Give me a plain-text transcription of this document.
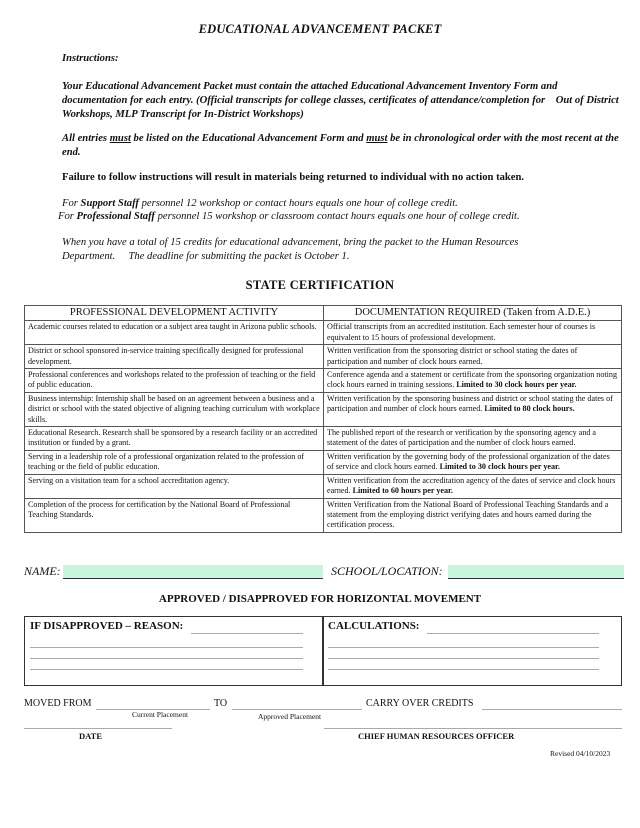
EDUCATIONAL ADVANCEMENT PACKET
Instructions:
Your Educational Advancement Packet must contain the attached Educational Advancement Inventory Form and documentation for each entry. (Official transcripts for college classes, certificates of attendance/completion for Out of District Workshops, MLP Transcript for In-District Workshops)
All entries must be listed on the Educational Advancement Form and must be in chronological order with the most recent at the end.
Failure to follow instructions will result in materials being returned to individual with no action taken.
For Support Staff personnel 12 workshop or contact hours equals one hour of college credit.
For Professional Staff personnel 15 workshop or classroom contact hours equals one hour of college credit.
When you have a total of 15 credits for educational advancement, bring the packet to the Human Resources Department. The deadline for submitting the packet is October 1.
STATE CERTIFICATION
PROFESSIONAL DEVELOPMENT ACTIVITY	DOCUMENTATION REQUIRED (Taken from A.D.E.)
Academic courses related to education or a subject area taught in Arizona public schools.	Official transcripts from an accredited institution. Each semester hour of courses is equivalent to 15 hours of professional development.
District or school sponsored in-service training specifically designed for professional development.	Written verification from the sponsoring district or school stating the dates of participation and number of clock hours earned.
Professional conferences and workshops related to the profession of teaching or the field of public education.	Conference agenda and a statement or certificate from the sponsoring organization noting clock hours earned in training sessions. Limited to 30 clock hours per year.
Business internship: Internship shall be based on an agreement between a business and a district or school with the stated objective of aligning teaching curriculum with workplace skills.	Written verification by the sponsoring business and district or school stating the dates of participation and number of clock hours earned. Limited to 80 clock hours.
Educational Research. Research shall be sponsored by a research facility or an accredited institution or funded by a grant.	The published report of the research or verification by the sponsoring agency and a statement of the dates of participation and the number of clock hours earned.
Serving in a leadership role of a professional organization related to the profession of teaching or the field of public education.	Written verification by the governing body of the professional organization of the dates of service and clock hours earned. Limited to 30 clock hours per year.
Serving on a visitation team for a school accreditation agency.	Written verification from the accreditation agency of the dates of service and clock hours earned. Limited to 60 hours per year.
Completion of the process for certification by the National Board of Professional Teaching Standards.	Written Verification from the National Board of Professional Teaching Standards and a statement from the employing district verifying dates and hours earned during the certification process.
NAME:	SCHOOL/LOCATION:
APPROVED / DISAPPROVED FOR HORIZONTAL MOVEMENT
IF DISAPPROVED – REASON:	CALCULATIONS:
MOVED FROM
Current Placement
TO
Approved Placement
CARRY OVER CREDITS
DATE	CHIEF HUMAN RESOURCES OFFICER
Revised 04/10/2023
